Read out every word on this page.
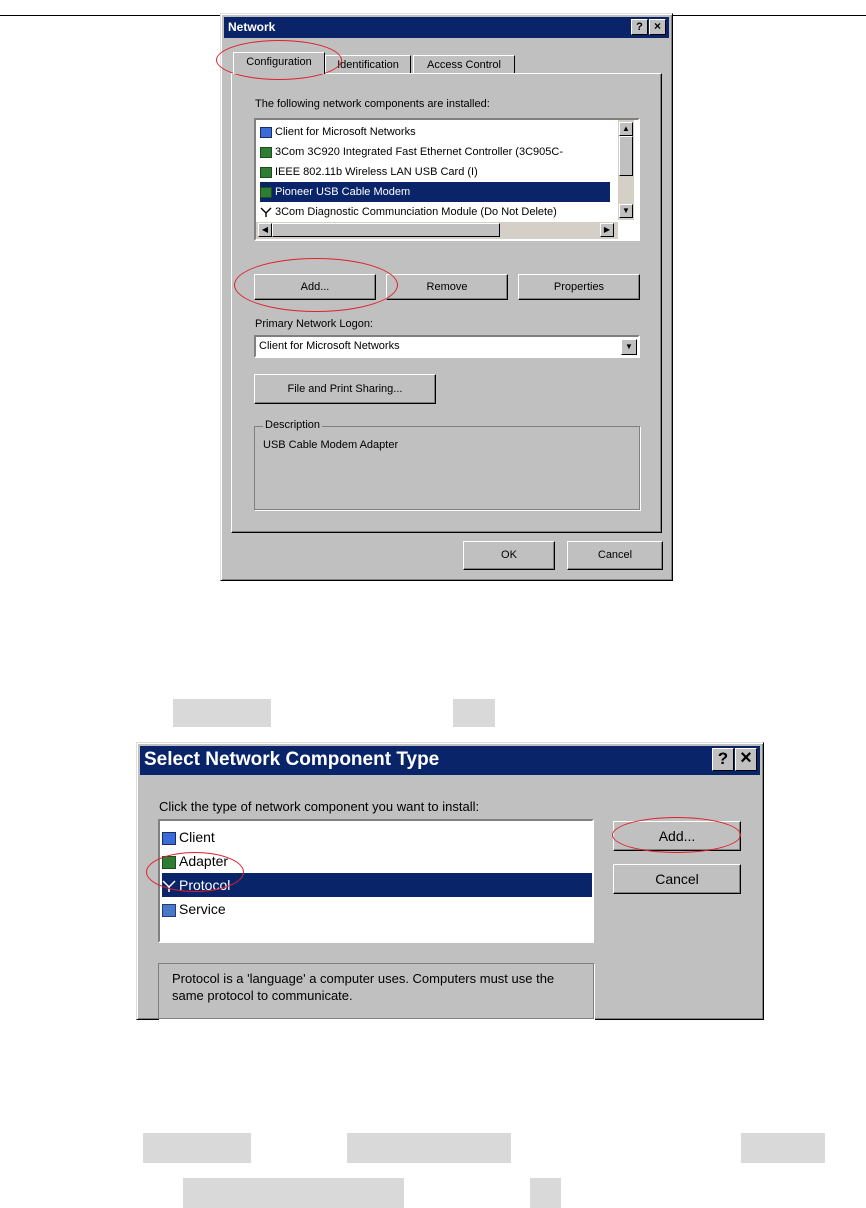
Network	? ×
Configuration	Identification	Access Control
The following network components are installed:
Client for Microsoft Networks
3Com 3C920 Integrated Fast Ethernet Controller (3C905C-
IEEE 802.11b Wireless LAN USB Card (I)
Pioneer USB Cable Modem
3Com Diagnostic Communciation Module (Do Not Delete)
▲
▼
◀	▶
Add...	Remove	Properties
Primary Network Logon:
Client for Microsoft Networks	▼
File and Print Sharing...
Description
USB Cable Modem Adapter
OK	Cancel
Select Network Component Type	? ×
Click the type of network component you want to install:
Client
Adapter
Protocol
Service
Add...
Cancel
Protocol is a 'language' a computer uses. Computers must use the same protocol to communicate.
